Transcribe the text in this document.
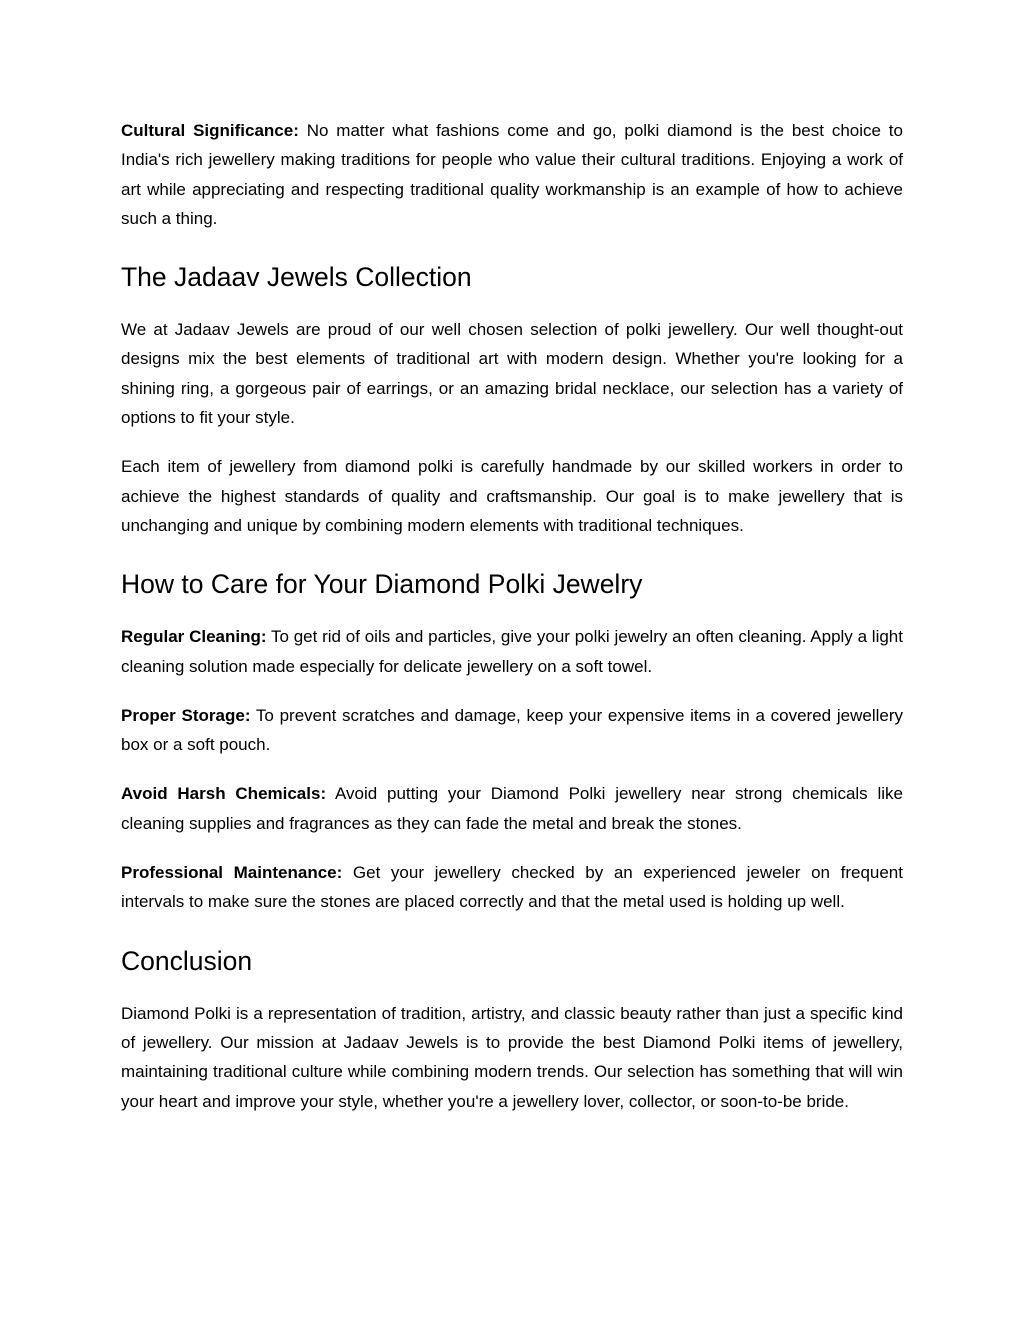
Cultural Significance: No matter what fashions come and go, polki diamond is the best choice to India's rich jewellery making traditions for people who value their cultural traditions. Enjoying a work of art while appreciating and respecting traditional quality workmanship is an example of how to achieve such a thing.

The Jadaav Jewels Collection

We at Jadaav Jewels are proud of our well chosen selection of polki jewellery. Our well thought-out designs mix the best elements of traditional art with modern design. Whether you're looking for a shining ring, a gorgeous pair of earrings, or an amazing bridal necklace, our selection has a variety of options to fit your style.

Each item of jewellery from diamond polki is carefully handmade by our skilled workers in order to achieve the highest standards of quality and craftsmanship. Our goal is to make jewellery that is unchanging and unique by combining modern elements with traditional techniques.

How to Care for Your Diamond Polki Jewelry

Regular Cleaning: To get rid of oils and particles, give your polki jewelry an often cleaning. Apply a light cleaning solution made especially for delicate jewellery on a soft towel.

Proper Storage: To prevent scratches and damage, keep your expensive items in a covered jewellery box or a soft pouch.

Avoid Harsh Chemicals: Avoid putting your Diamond Polki jewellery near strong chemicals like cleaning supplies and fragrances as they can fade the metal and break the stones.

Professional Maintenance: Get your jewellery checked by an experienced jeweler on frequent intervals to make sure the stones are placed correctly and that the metal used is holding up well.

Conclusion

Diamond Polki is a representation of tradition, artistry, and classic beauty rather than just a specific kind of jewellery. Our mission at Jadaav Jewels is to provide the best Diamond Polki items of jewellery, maintaining traditional culture while combining modern trends. Our selection has something that will win your heart and improve your style, whether you're a jewellery lover, collector, or soon-to-be bride.
